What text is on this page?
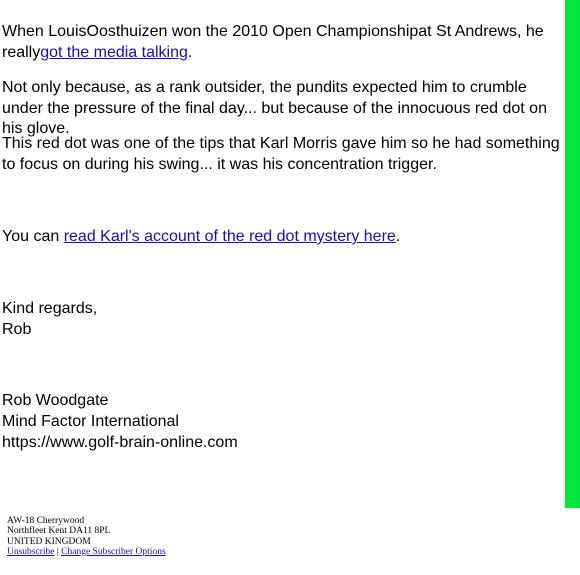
When LouisOosthuizen won the 2010 Open Championshipat St Andrews, he reallygot the media talking.

Not only because, as a rank outsider, the pundits expected him to crumble under the pressure of the final day... but because of the innocuous red dot on his glove.

This red dot was one of the tips that Karl Morris gave him so he had something to focus on during his swing... it was his concentration trigger.

You can read Karl's account of the red dot mystery here.

Kind regards,

Rob

Rob Woodgate

Mind Factor International

https://www.golf-brain-online.com

AW-18 Cherrywood
Northfleet Kent DA11 8PL
UNITED KINGDOM
Unsubscribe | Change Subscriber Options
